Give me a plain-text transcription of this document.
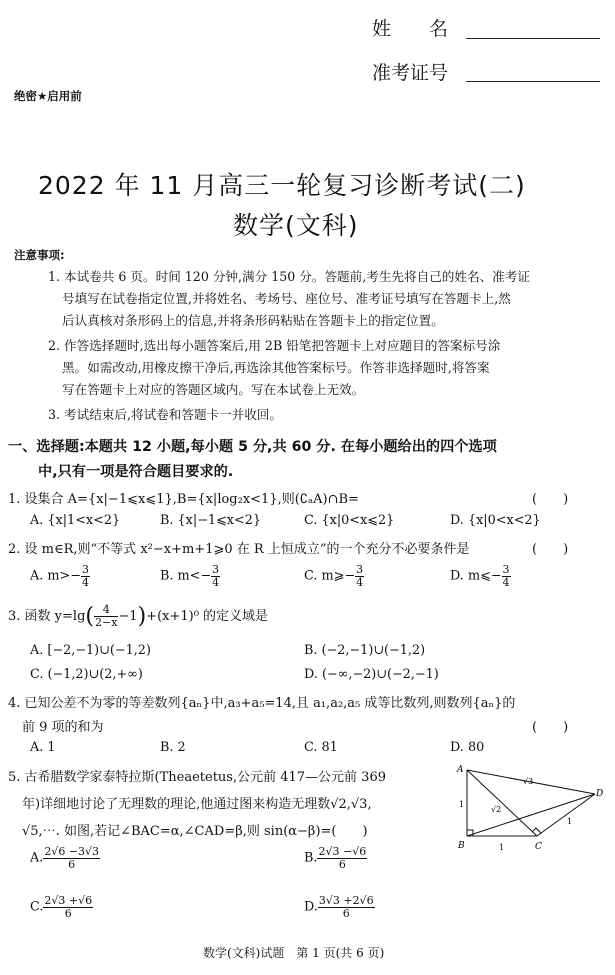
姓　　名
准考证号
绝密★启用前
2022 年 11 月高三一轮复习诊断考试(二)
数学(文科)
注意事项:
1. 本试卷共 6 页。时间 120 分钟,满分 150 分。答题前,考生先将自己的姓名、准考证
号填写在试卷指定位置,并将姓名、考场号、座位号、准考证号填写在答题卡上,然
后认真核对条形码上的信息,并将条形码粘贴在答题卡上的指定位置。
2. 作答选择题时,选出每小题答案后,用 2B 铅笔把答题卡上对应题目的答案标号涂
黑。如需改动,用橡皮擦干净后,再选涂其他答案标号。作答非选择题时,将答案
写在答题卡上对应的答题区域内。写在本试卷上无效。
3. 考试结束后,将试卷和答题卡一并收回。
一、选择题:本题共 12 小题,每小题 5 分,共 60 分. 在每小题给出的四个选项
中,只有一项是符合题目要求的.
1. 设集合 A={x|−1⩽x⩽1},B={x|log₂x<1},则(∁ₐA)∩B=	(　　)
A. {x|1<x<2}	B. {x|−1⩽x<2}	C. {x|0<x⩽2}	D. {x|0<x<2}
2. 设 m∈R,则“不等式 x²−x+m+1⩾0 在 R 上恒成立”的一个充分不必要条件是	(　　)
A. $m>- \frac{3}{4}$	B. $m<- \frac{3}{4}$	C. m⩾− $\frac{3}{4}$	D. m⩽− $\frac{3}{4}$
3. 函数 $y=\lg( \frac{4}{2-x} -1)+(x+1)^0$ 的定义域是
A. [−2,−1)∪(−1,2)	B. (−2,−1)∪(−1,2)
C. (−1,2)∪(2,+∞)	D. (−∞,−2)∪(−2,−1)
4. 已知公差不为零的等差数列{aₙ}中,a₃+a₅=14,且 a₁,a₂,a₅ 成等比数列,则数列{aₙ}的
前 9 项的和为	(　　)
A. 1	B. 2	C. 81	D. 80
5. 古希腊数学家泰特拉斯(Theaetetus,公元前 417—公元前 369
年)详细地讨论了无理数的理论,他通过图来构造无理数√2,√3,
√5,⋯. 如图,若记∠BAC=α,∠CAD=β,则 sin(α−β)=(　　)
A. $\frac{2√6 -3√3}{6}$	B. $\frac{2√3 -√6}{6}$
C. $\frac{2√3 +√6}{6}$	D. $\frac{3√3 +2√6}{6}$
A
B	C
D
1
1
√3
√2
1
数学(文科)试题　第 1 页(共 6 页)
